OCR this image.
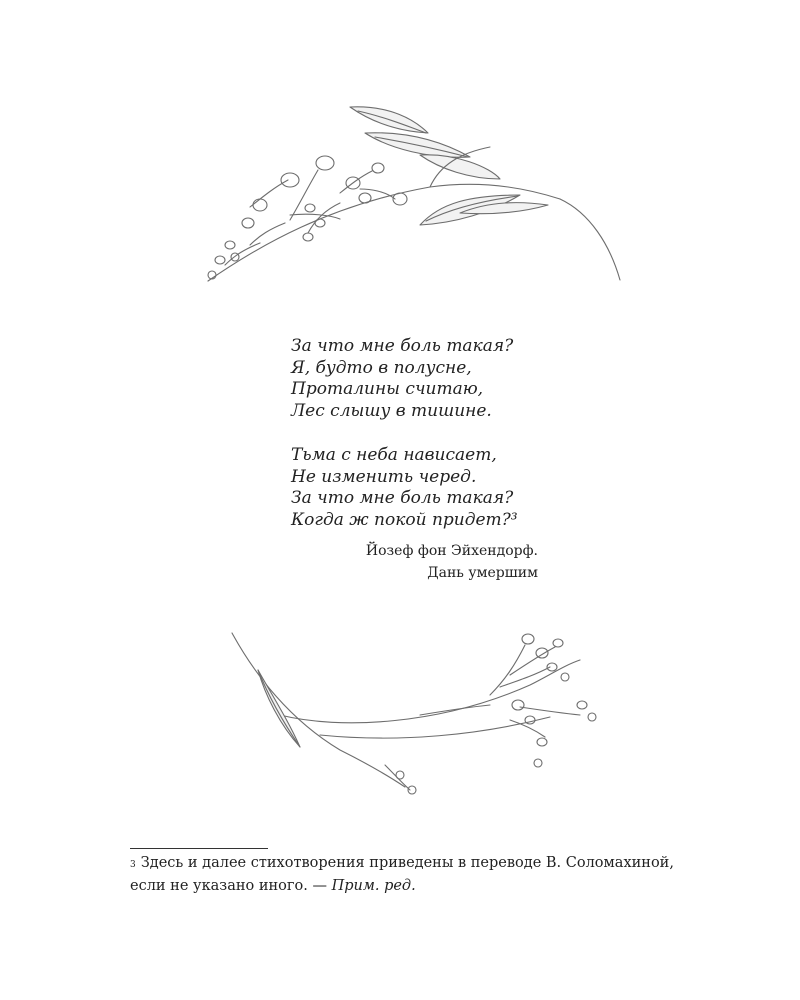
За что мне боль такая?
Я, будто в полусне,
Проталины считаю,
Лес слышу в тишине.
Тьма с неба нависает,
Не изменить черед.
За что мне боль такая?
Когда ж покой придет?³
Йозеф фон Эйхендорф.
Дань умершим
$^3$ Здесь и далее стихотворения приведены в переводе В. Соломахиной, если не указано иного. — Прим. ред.
